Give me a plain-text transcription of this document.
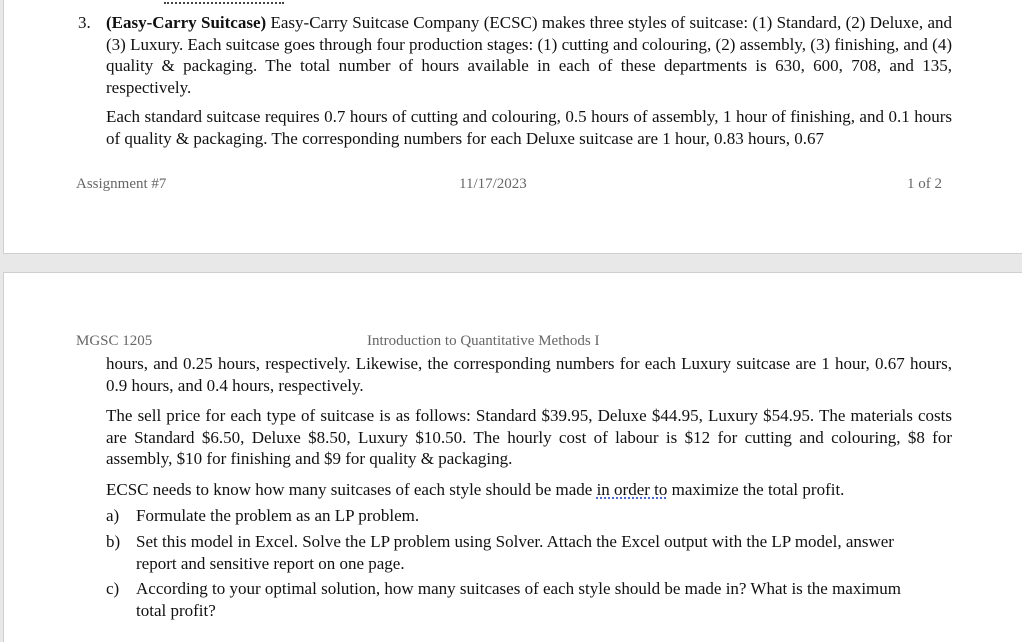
3. (Easy-Carry Suitcase) Easy-Carry Suitcase Company (ECSC) makes three styles of suitcase: (1) Standard, (2) Deluxe, and (3) Luxury. Each suitcase goes through four production stages: (1) cutting and colouring, (2) assembly, (3) finishing, and (4) quality & packaging. The total number of hours available in each of these departments is 630, 600, 708, and 135, respectively.

Each standard suitcase requires 0.7 hours of cutting and colouring, 0.5 hours of assembly, 1 hour of finishing, and 0.1 hours of quality & packaging. The corresponding numbers for each Deluxe suitcase are 1 hour, 0.83 hours, 0.67

Assignment #7	11/17/2023	1 of 2
MGSC 1205	Introduction to Quantitative Methods I

hours, and 0.25 hours, respectively. Likewise, the corresponding numbers for each Luxury suitcase are 1 hour, 0.67 hours, 0.9 hours, and 0.4 hours, respectively.

The sell price for each type of suitcase is as follows: Standard $39.95, Deluxe $44.95, Luxury $54.95. The materials costs are Standard $6.50, Deluxe $8.50, Luxury $10.50. The hourly cost of labour is $12 for cutting and colouring, $8 for assembly, $10 for finishing and $9 for quality & packaging.

ECSC needs to know how many suitcases of each style should be made in order to maximize the total profit.

a) Formulate the problem as an LP problem.
b) Set this model in Excel. Solve the LP problem using Solver. Attach the Excel output with the LP model, answer report and sensitive report on one page.
c) According to your optimal solution, how many suitcases of each style should be made in? What is the maximum total profit?
